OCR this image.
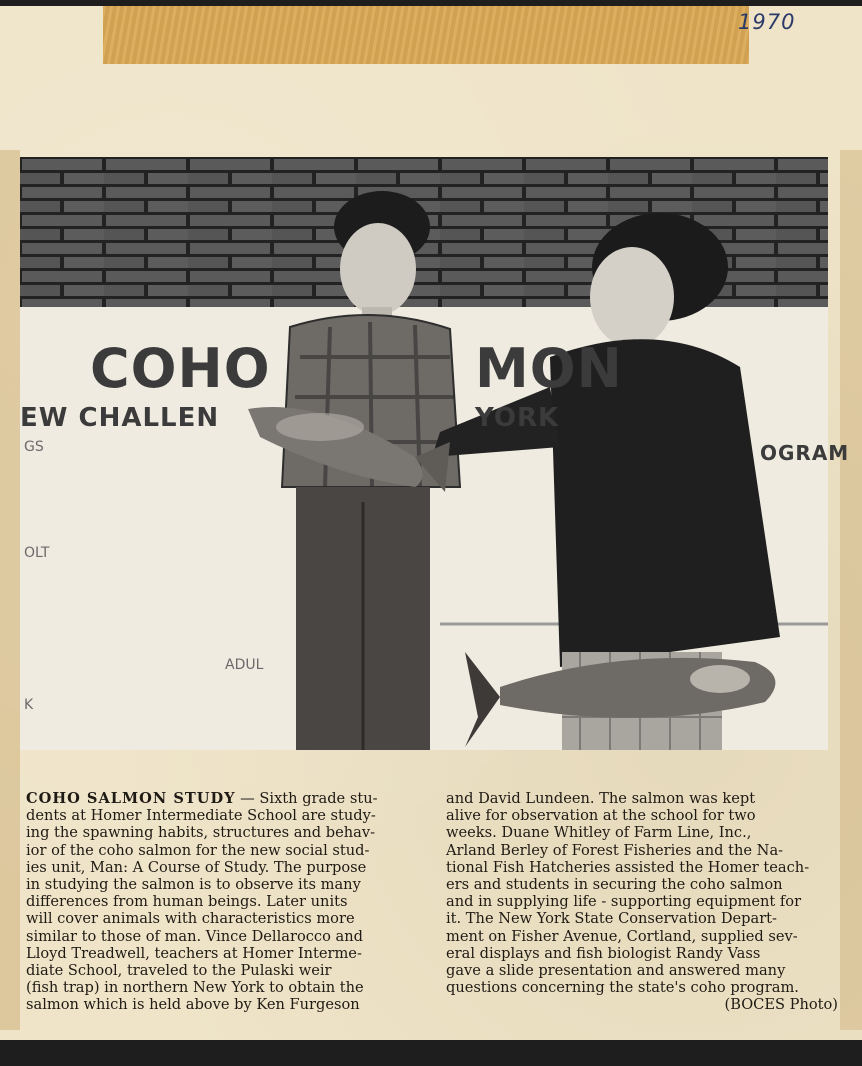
1970
COHO	MON
EW CHALLEN	YORK
GS
OLT
ADUL
K
OGRAM
COHO SALMON STUDY — Sixth grade stu-
dents at Homer Intermediate School are study-
ing the spawning habits, structures and behav-
ior of the coho salmon for the new social stud-
ies unit, Man: A Course of Study. The purpose
in studying the salmon is to observe its many
differences from human beings. Later units
will cover animals with characteristics more
similar to those of man. Vince Dellarocco and
Lloyd Treadwell, teachers at Homer Interme-
diate School, traveled to the Pulaski weir
(fish trap) in northern New York to obtain the
salmon which is held above by Ken Furgeson
and David Lundeen. The salmon was kept
alive for observation at the school for two
weeks. Duane Whitley of Farm Line, Inc.,
Arland Berley of Forest Fisheries and the Na-
tional Fish Hatcheries assisted the Homer teach-
ers and students in securing the coho salmon
and in supplying life - supporting equipment for
it. The New York State Conservation Depart-
ment on Fisher Avenue, Cortland, supplied sev-
eral displays and fish biologist Randy Vass
gave a slide presentation and answered many
questions concerning the state's coho program.
(BOCES Photo)
